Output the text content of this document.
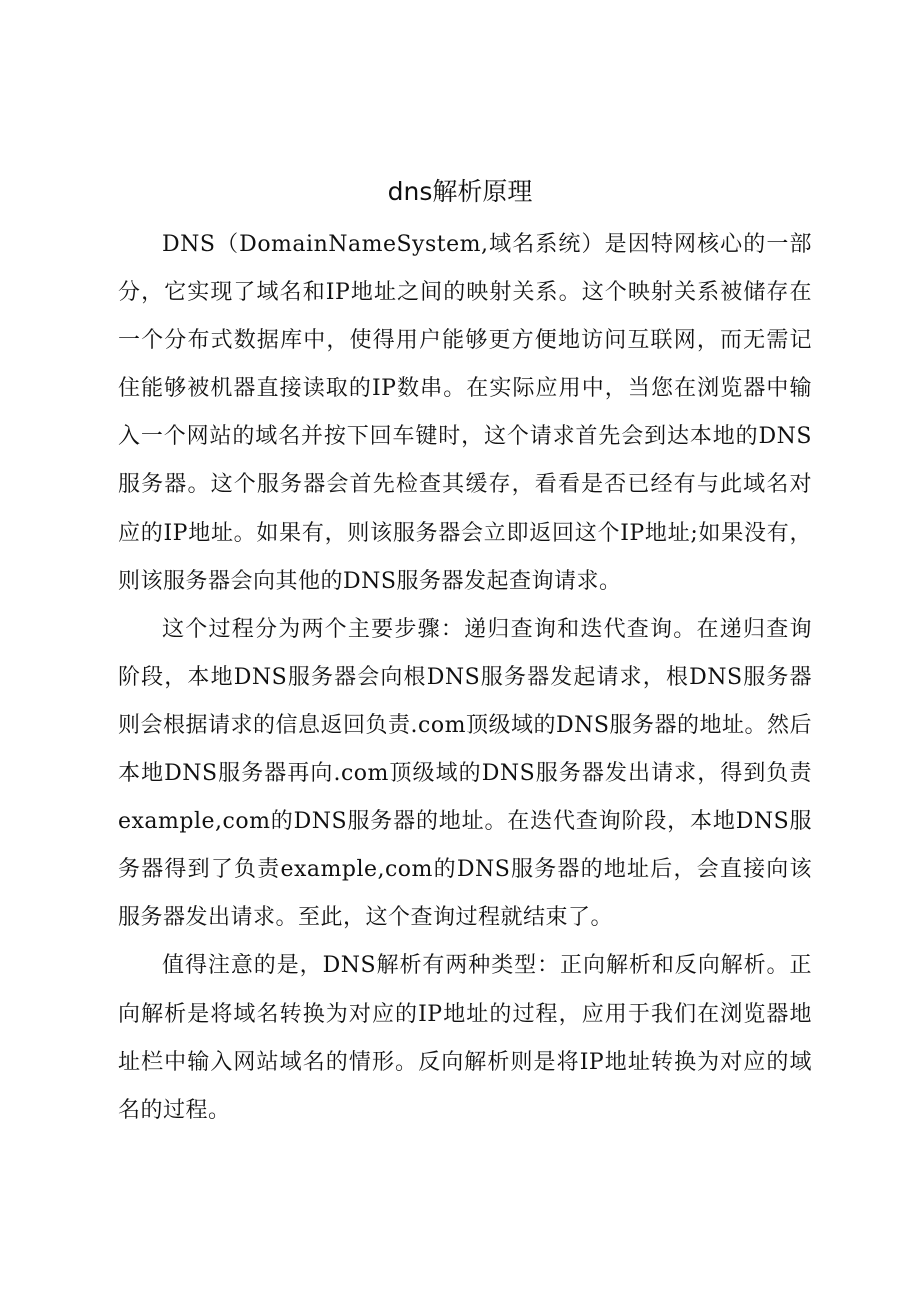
dns解析原理

DNS（DomainNameSystem,域名系统）是因特网核心的一部分，它实现了域名和IP地址之间的映射关系。这个映射关系被储存在一个分布式数据库中，使得用户能够更方便地访问互联网，而无需记住能够被机器直接读取的IP数串。在实际应用中，当您在浏览器中输入一个网站的域名并按下回车键时，这个请求首先会到达本地的DNS服务器。这个服务器会首先检查其缓存，看看是否已经有与此域名对应的IP地址。如果有，则该服务器会立即返回这个IP地址;如果没有，则该服务器会向其他的DNS服务器发起查询请求。

这个过程分为两个主要步骤：递归查询和迭代查询。在递归查询阶段，本地DNS服务器会向根DNS服务器发起请求，根DNS服务器则会根据请求的信息返回负责.com顶级域的DNS服务器的地址。然后本地DNS服务器再向.com顶级域的DNS服务器发出请求，得到负责example,com的DNS服务器的地址。在迭代查询阶段，本地DNS服务器得到了负责example,com的DNS服务器的地址后，会直接向该服务器发出请求。至此，这个查询过程就结束了。

值得注意的是，DNS解析有两种类型：正向解析和反向解析。正向解析是将域名转换为对应的IP地址的过程，应用于我们在浏览器地址栏中输入网站域名的情形。反向解析则是将IP地址转换为对应的域名的过程。
